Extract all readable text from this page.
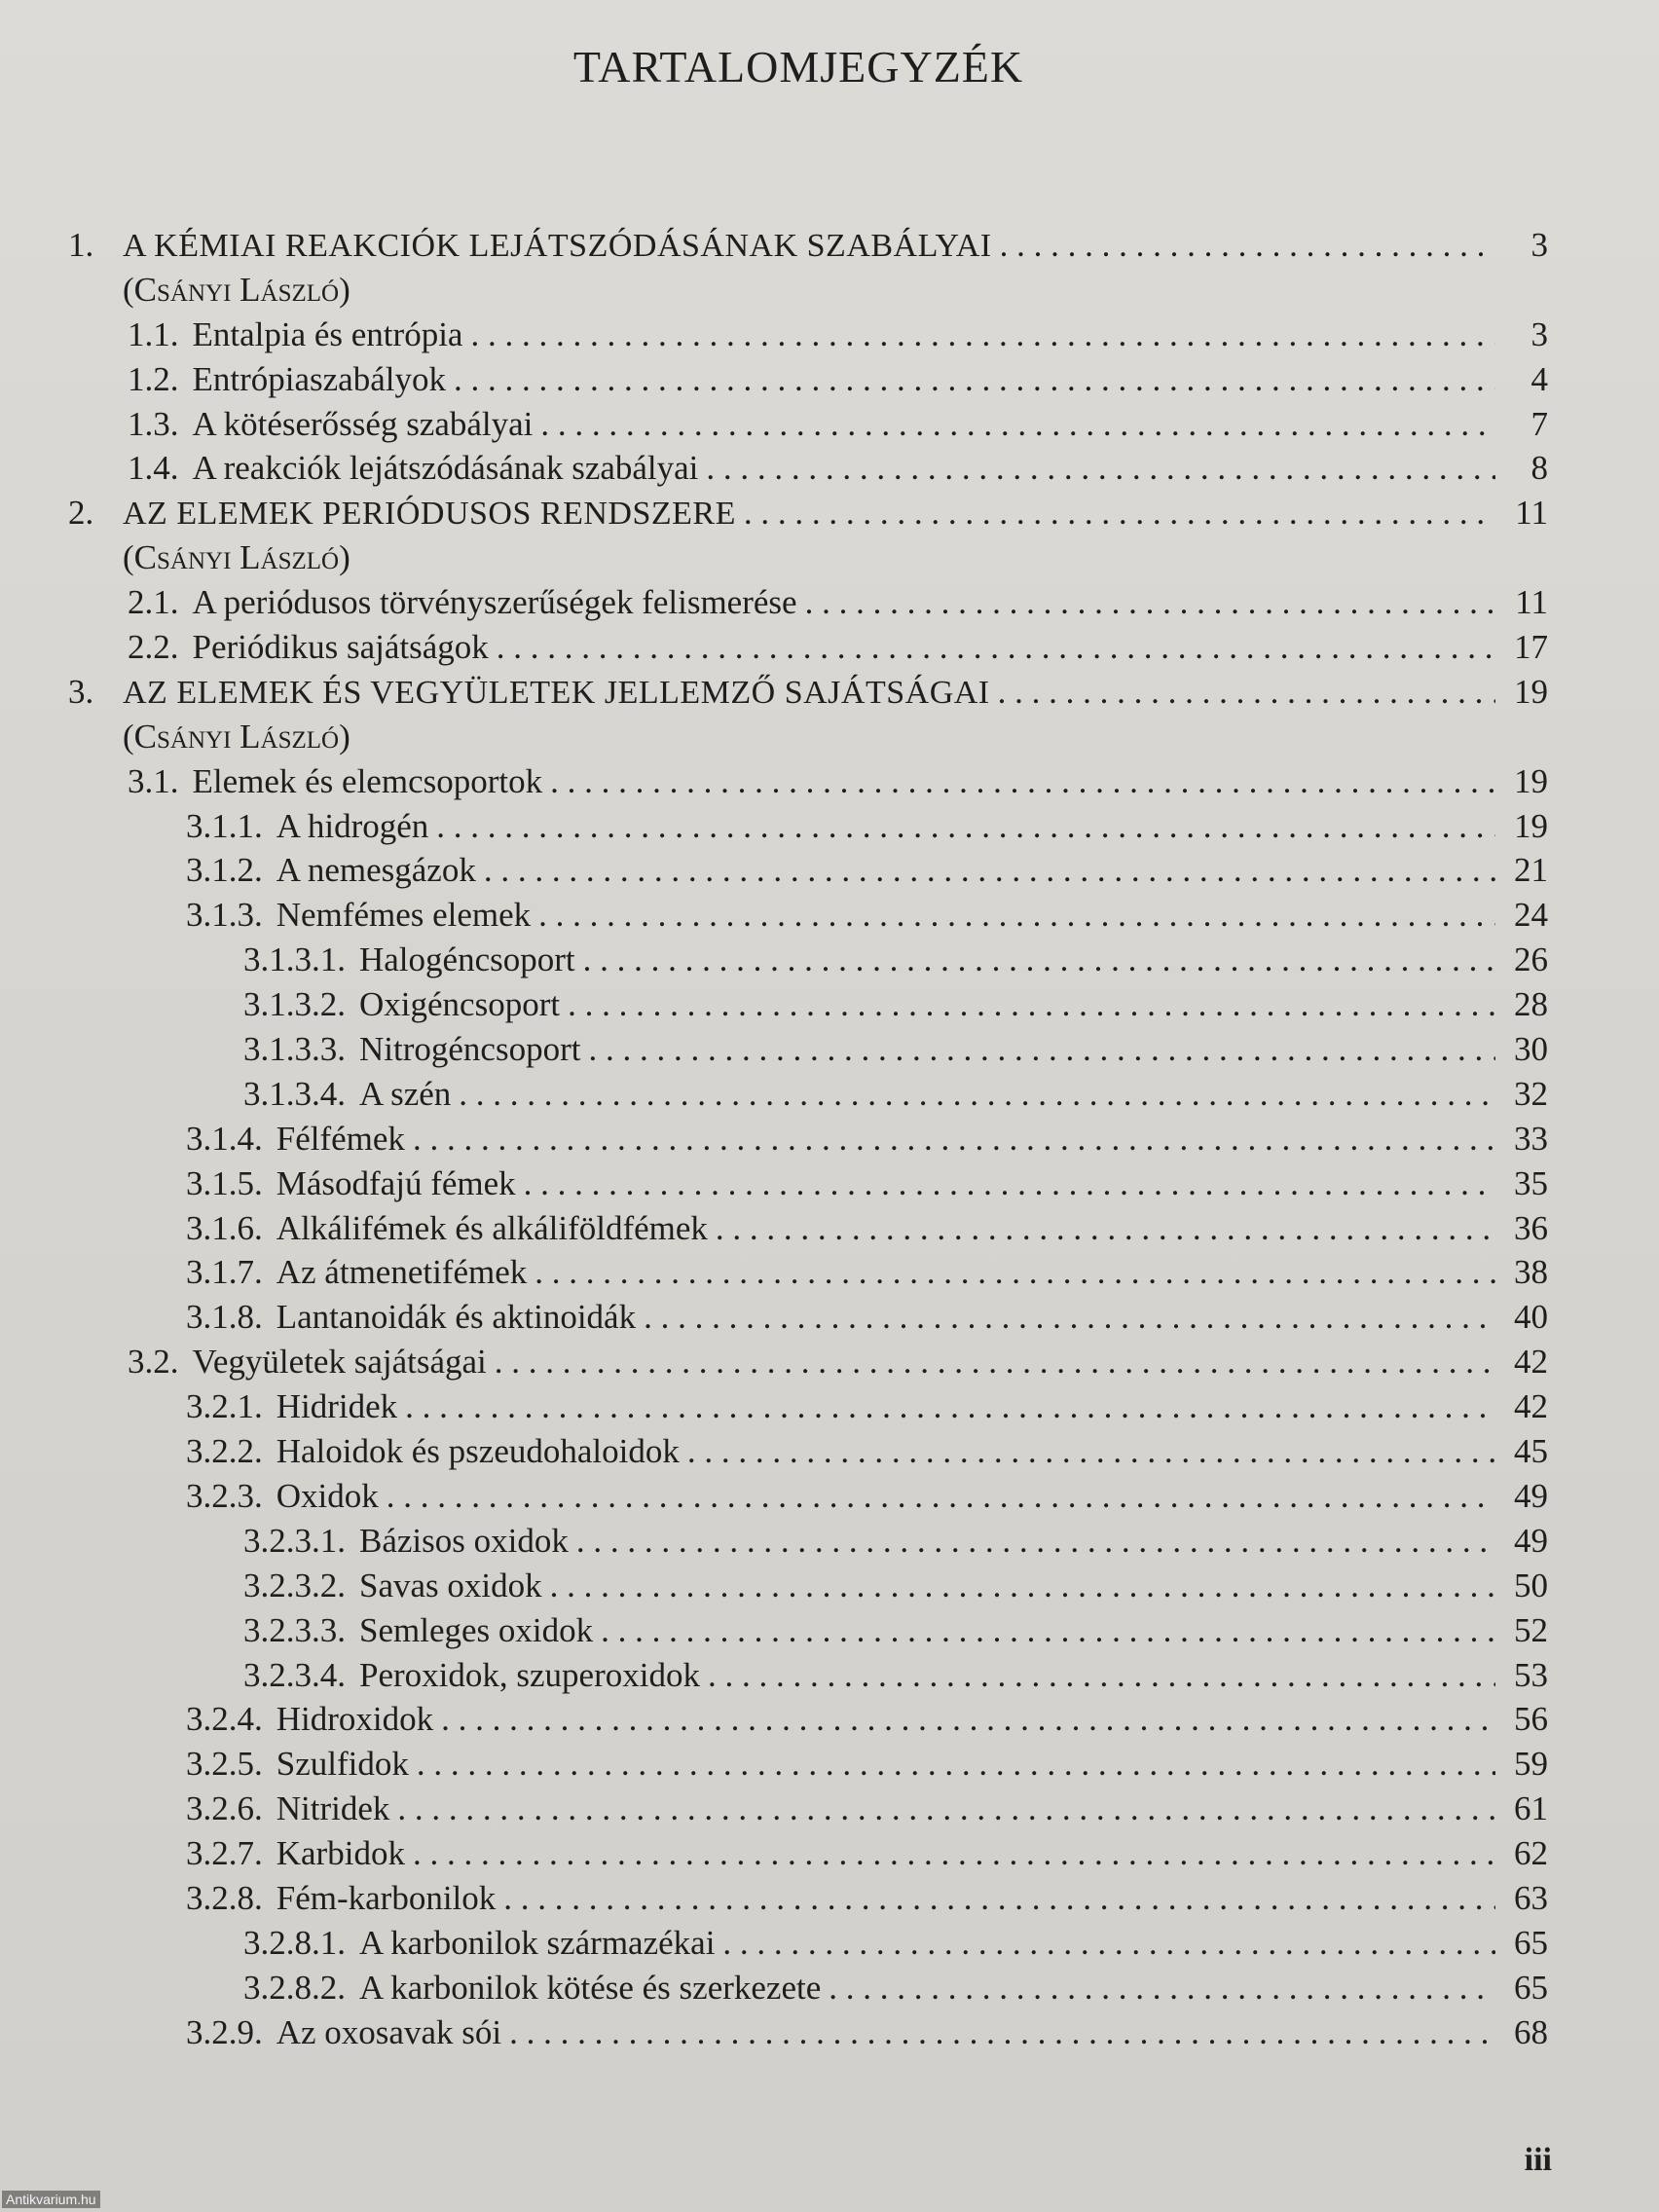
TARTALOMJEGYZÉK
1. A KÉMIAI REAKCIÓK LEJÁTSZÓDÁSÁNAK SZABÁLYAI . . .	3
(Csányi László)
1.1. Entalpia és entrópia . . .	3
1.2. Entrópiaszabályok . . .	4
1.3. A kötéserősség szabályai . . .	7
1.4. A reakciók lejátszódásának szabályai . . .	8
2. AZ ELEMEK PERIÓDUSOS RENDSZERE . . .	11
(Csányi László)
2.1. A periódusos törvényszerűségek felismerése . . .	11
2.2. Periódikus sajátságok . . .	17
3. AZ ELEMEK ÉS VEGYÜLETEK JELLEMZŐ SAJÁTSÁGAI . . .	19
(Csányi László)
3.1. Elemek és elemcsoportok . . .	19
3.1.1. A hidrogén . . .	19
3.1.2. A nemesgázok . . .	21
3.1.3. Nemfémes elemek . . .	24
3.1.3.1. Halogéncsoport . . .	26
3.1.3.2. Oxigéncsoport . . .	28
3.1.3.3. Nitrogéncsoport . . .	30
3.1.3.4. A szén . . .	32
3.1.4. Félfémek . . .	33
3.1.5. Másodfajú fémek . . .	35
3.1.6. Alkálifémek és alkáliföldfémek . . .	36
3.1.7. Az átmenetifémek . . .	38
3.1.8. Lantanoidák és aktinoidák . . .	40
3.2. Vegyületek sajátságai . . .	42
3.2.1. Hidridek . . .	42
3.2.2. Haloidok és pszeudohaloidok . . .	45
3.2.3. Oxidok . . .	49
3.2.3.1. Bázisos oxidok . . .	49
3.2.3.2. Savas oxidok . . .	50
3.2.3.3. Semleges oxidok . . .	52
3.2.3.4. Peroxidok, szuperoxidok . . .	53
3.2.4. Hidroxidok . . .	56
3.2.5. Szulfidok . . .	59
3.2.6. Nitridek . . .	61
3.2.7. Karbidok . . .	62
3.2.8. Fém-karbonilok . . .	63
3.2.8.1. A karbonilok származékai . . .	65
3.2.8.2. A karbonilok kötése és szerkezete . . .	65
3.2.9. Az oxosavak sói . . .	68
iii
Antikvarium.hu
